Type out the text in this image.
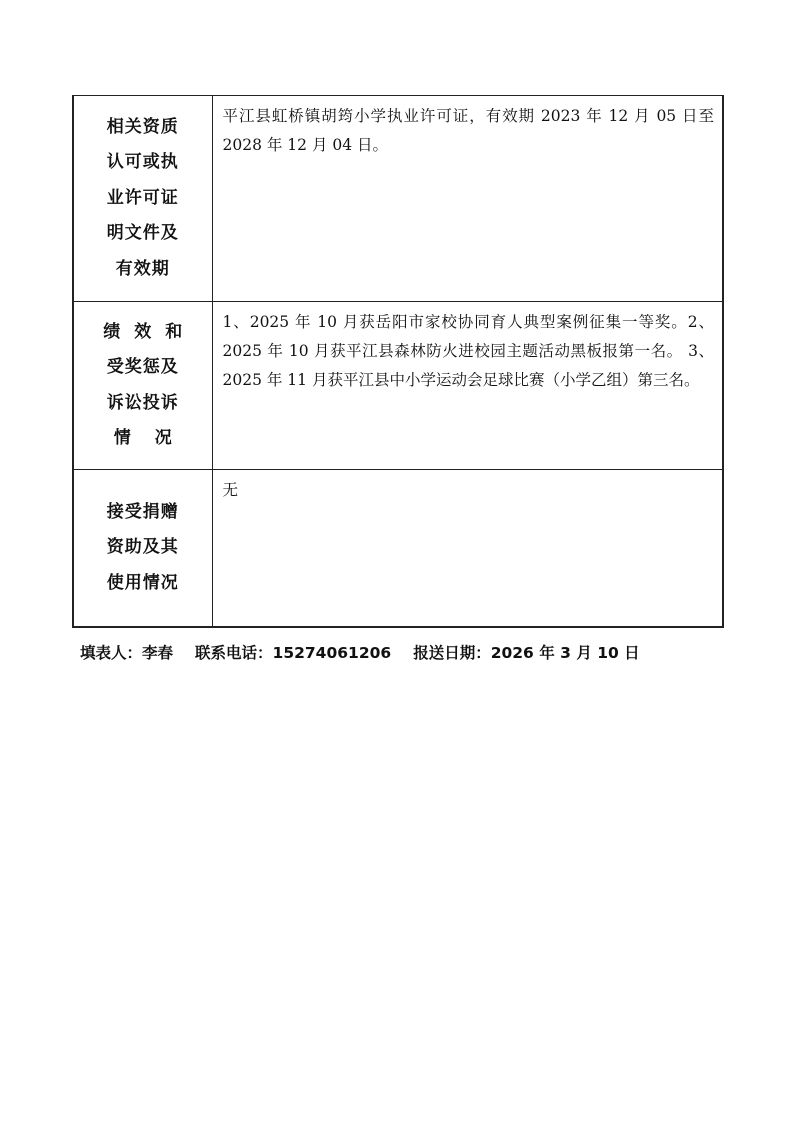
相关资质
认可或执
业许可证
明文件及
有效期	平江县虹桥镇胡筠小学执业许可证，有效期 2023 年 12 月 05 日至 2028 年 12 月 04 日。

绩效和
受奖惩及
诉讼投诉
情况	1、2025 年 10 月获岳阳市家校协同育人典型案例征集一等奖。2、2025 年 10 月获平江县森林防火进校园主题活动黑板报第一名。 3、2025 年 11 月获平江县中小学运动会足球比赛（小学乙组）第三名。

接受捐赠
资助及其
使用情况	无

填表人：李春 联系电话：15274061206 报送日期：2026 年 3 月 10 日
